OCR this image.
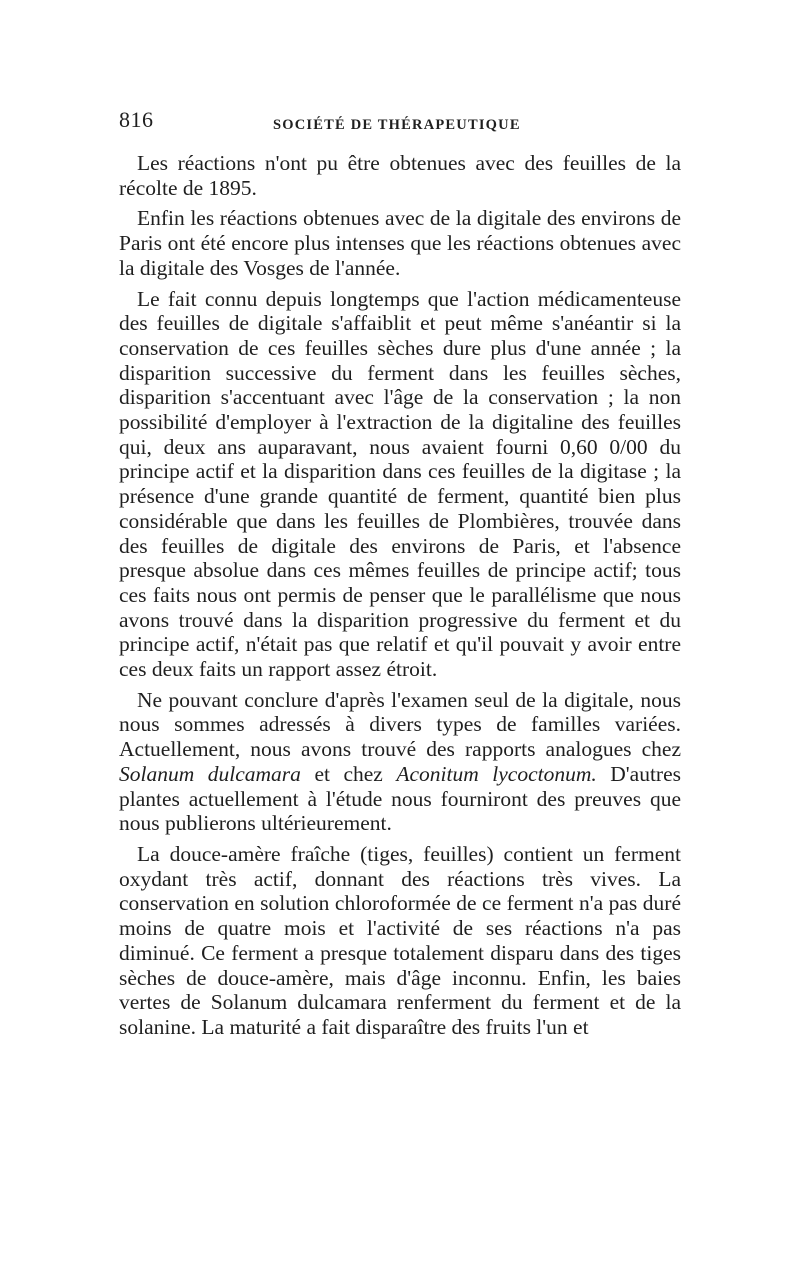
816	SOCIÉTÉ DE THÉRAPEUTIQUE

Les réactions n'ont pu être obtenues avec des feuilles de la récolte de 1895.

Enfin les réactions obtenues avec de la digitale des environs de Paris ont été encore plus intenses que les réactions obtenues avec la digitale des Vosges de l'année.

Le fait connu depuis longtemps que l'action médicamenteuse des feuilles de digitale s'affaiblit et peut même s'anéantir si la conservation de ces feuilles sèches dure plus d'une année ; la disparition successive du ferment dans les feuilles sèches, disparition s'accentuant avec l'âge de la conservation ; la non possibilité d'employer à l'extraction de la digitaline des feuilles qui, deux ans auparavant, nous avaient fourni 0,60 0/00 du principe actif et la disparition dans ces feuilles de la digitase ; la présence d'une grande quantité de ferment, quantité bien plus considérable que dans les feuilles de Plombières, trouvée dans des feuilles de digitale des environs de Paris, et l'absence presque absolue dans ces mêmes feuilles de principe actif; tous ces faits nous ont permis de penser que le parallélisme que nous avons trouvé dans la disparition progressive du ferment et du principe actif, n'était pas que relatif et qu'il pouvait y avoir entre ces deux faits un rapport assez étroit.

Ne pouvant conclure d'après l'examen seul de la digitale, nous nous sommes adressés à divers types de familles variées. Actuellement, nous avons trouvé des rapports analogues chez Solanum dulcamara et chez Aconitum lycoctonum. D'autres plantes actuellement à l'étude nous fourniront des preuves que nous publierons ultérieurement.

La douce-amère fraîche (tiges, feuilles) contient un ferment oxydant très actif, donnant des réactions très vives. La conservation en solution chloroformée de ce ferment n'a pas duré moins de quatre mois et l'activité de ses réactions n'a pas diminué. Ce ferment a presque totalement disparu dans des tiges sèches de douce-amère, mais d'âge inconnu. Enfin, les baies vertes de Solanum dulcamara renferment du ferment et de la solanine. La maturité a fait disparaître des fruits l'un et
